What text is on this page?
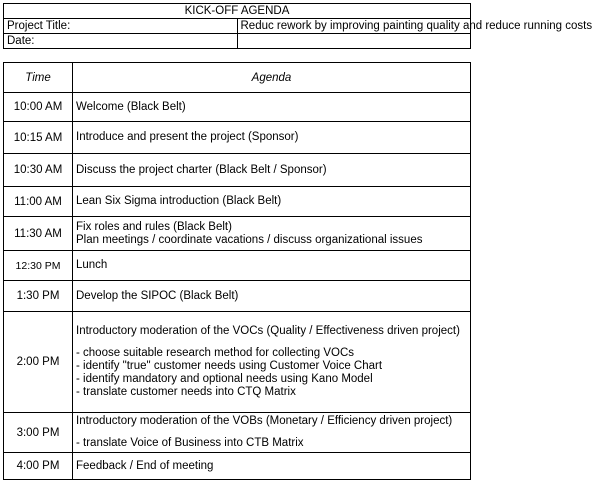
KICK-OFF AGENDA	
Project Title:	Reduc rework by improving painting quality and reduce running costs
Date:	
Time	Agenda
10:00 AM	Welcome (Black Belt)

10:15 AM	Introduce and present the project (Sponsor)

10:30 AM	Discuss the project charter (Black Belt / Sponsor)

11:00 AM	Lean Six Sigma introduction (Black Belt)

11:30 AM	Fix roles and rules (Black Belt)
Plan meetings / coordinate vacations / discuss organizational issues

12:30 PM	Lunch

1:30 PM	Develop the SIPOC (Black Belt)

2:00 PM	Introductory moderation of the VOCs (Quality / Effectiveness driven project)
- choose suitable research method for collecting VOCs
- identify "true" customer needs using Customer Voice Chart
- identify mandatory and optional needs using Kano Model
- translate customer needs into CTQ Matrix

3:00 PM	Introductory moderation of the VOBs (Monetary / Efficiency driven project)
- translate Voice of Business into CTB Matrix

4:00 PM	Feedback / End of meeting
